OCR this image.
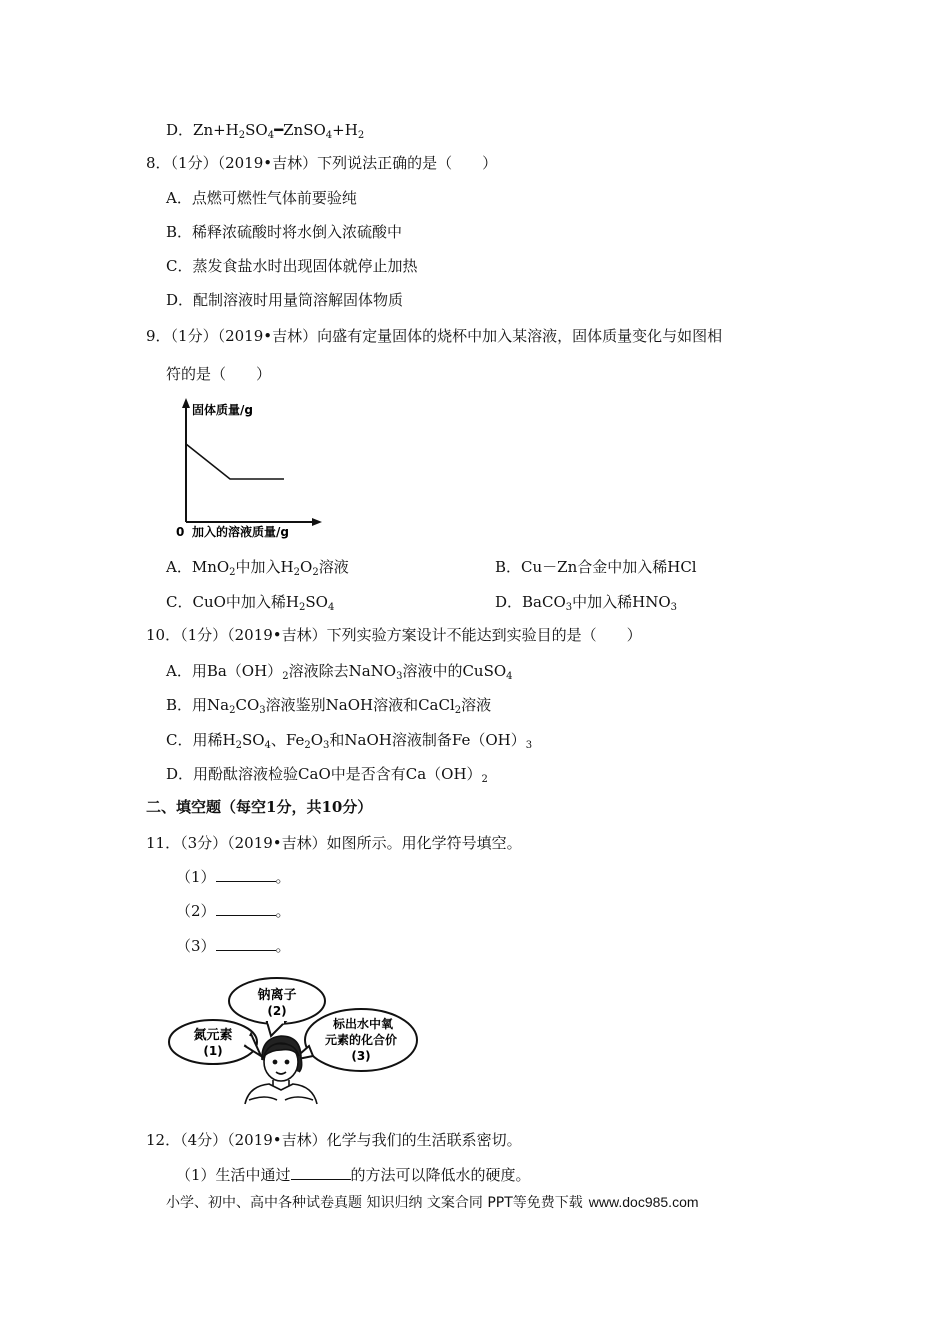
D．$Zn+H_2SO_4━ZnSO_4+H_2$
8．（1分）（2019•吉林）下列说法正确的是（　　）
A．点燃可燃性气体前要验纯
B．稀释浓硫酸时将水倒入浓硫酸中
C．蒸发食盐水时出现固体就停止加热
D．配制溶液时用量筒溶解固体物质
9．（1分）（2019•吉林）向盛有定量固体的烧杯中加入某溶液，固体质量变化与如图相
符的是（　　）
固体质量/g
0 加入的溶液质量/g
A．MnO$_2$中加入$H_2O_2$溶液	B．Cu－Zn合金中加入稀HCl
C．CuO中加入稀$H_2SO_4$	D．BaCO$_3$中加入稀$HNO_3$
10．（1分）（2019•吉林）下列实验方案设计不能达到实验目的是（　　）
A．用$Ba(OH)_2$溶液除去NaNO$_3$溶液中的CuSO$_4$
B．用$Na_2CO_3$溶液鉴别NaOH溶液和CaCl$_2$溶液
C．用稀$H_2SO_4$、$Fe_2O_3$和NaOH溶液制备$Fe(OH)_3$
D．用酚酞溶液检验CaO中是否含有$Ca(OH)_2$
二、填空题（每空1分，共10分）
11．（3分）（2019•吉林）如图所示。用化学符号填空。
（1）	。
（2）	。
（3）	。
钠离子
(2)
氮元素
(1)
标出水中氧
元素的化合价
(3)
12．（4分）（2019•吉林）化学与我们的生活联系密切。
（1）生活中通过	的方法可以降低水的硬度。
小学、初中、高中各种试卷真题 知识归纳 文案合同 PPT等免费下载 www.doc985.com
